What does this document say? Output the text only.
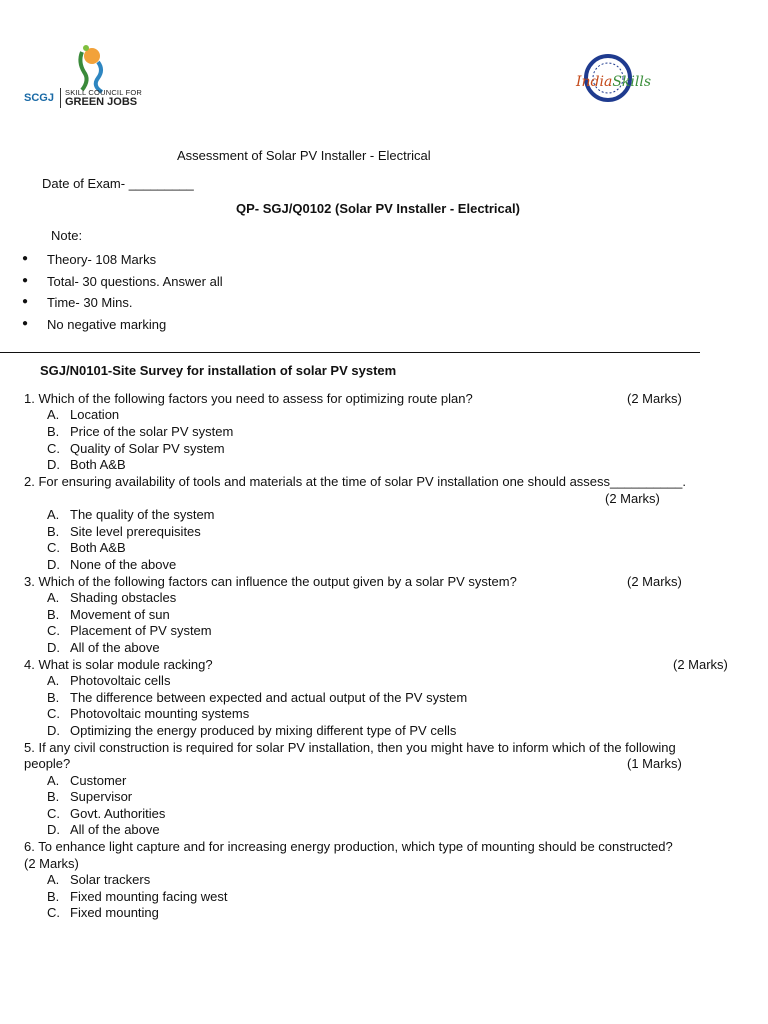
SCGJ SKILL COUNCIL FOR
GREEN JOBS
IndiaSkills
Assessment of Solar PV Installer - Electrical
Date of Exam- _________
QP- SGJ/Q0102 (Solar PV Installer - Electrical)
Note:
● Theory- 108 Marks
● Total- 30 questions. Answer all
● Time- 30 Mins.
● No negative marking
SGJ/N0101-Site Survey for installation of solar PV system
1. Which of the following factors you need to assess for optimizing route plan?	(2 Marks)
A. Location
B. Price of the solar PV system
C. Quality of Solar PV system
D. Both A&B
2. For ensuring availability of tools and materials at the time of solar PV installation one should assess__________.
(2 Marks)
A. The quality of the system
B. Site level prerequisites
C. Both A&B
D. None of the above
3. Which of the following factors can influence the output given by a solar PV system?	(2 Marks)
A. Shading obstacles
B. Movement of sun
C. Placement of PV system
D. All of the above
4. What is solar module racking?	(2 Marks)
A. Photovoltaic cells
B. The difference between expected and actual output of the PV system
C. Photovoltaic mounting systems
D. Optimizing the energy produced by mixing different type of PV cells
5. If any civil construction is required for solar PV installation, then you might have to inform which of the following
people?	(1 Marks)
A. Customer
B. Supervisor
C. Govt. Authorities
D. All of the above
6. To enhance light capture and for increasing energy production, which type of mounting should be constructed?
(2 Marks)
A. Solar trackers
B. Fixed mounting facing west
C. Fixed mounting
